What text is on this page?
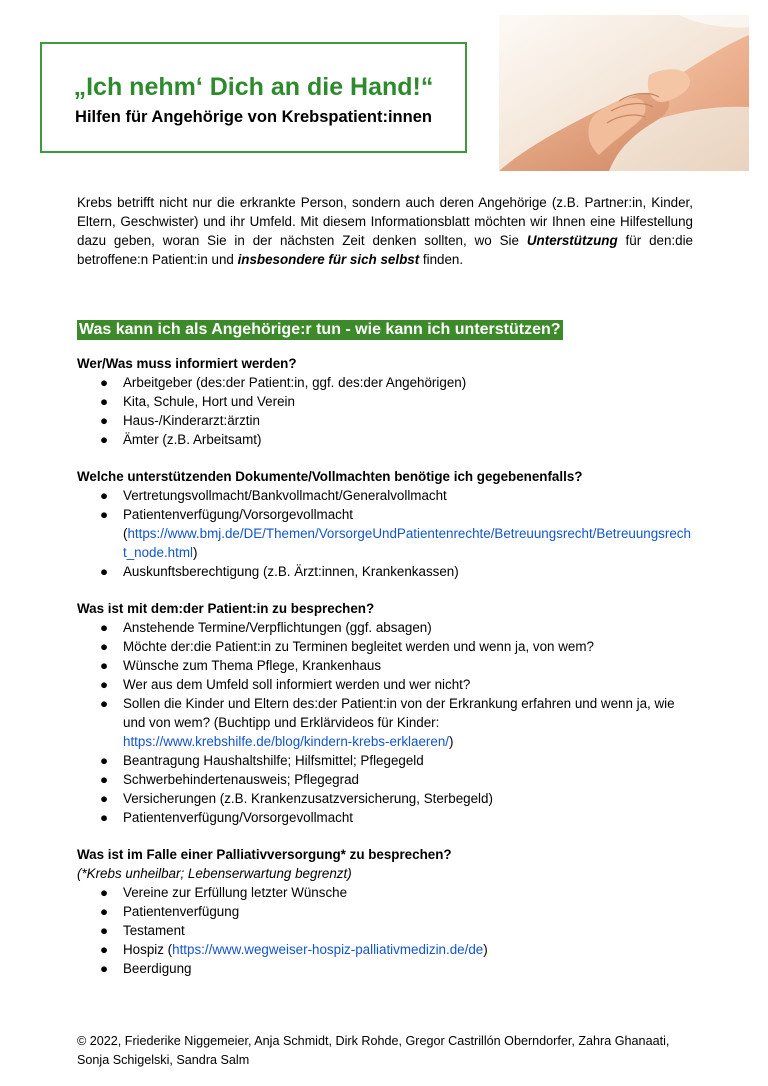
„Ich nehm‘ Dich an die Hand!“
Hilfen für Angehörige von Krebspatient:innen

Krebs betrifft nicht nur die erkrankte Person, sondern auch deren Angehörige (z.B. Partner:in, Kinder, Eltern, Geschwister) und ihr Umfeld. Mit diesem Informationsblatt möchten wir Ihnen eine Hilfestellung dazu geben, woran Sie in der nächsten Zeit denken sollten, wo Sie Unterstützung für den:die betroffene:n Patient:in und insbesondere für sich selbst finden.

Was kann ich als Angehörige:r tun - wie kann ich unterstützen?

Wer/Was muss informiert werden?

● Arbeitgeber (des:der Patient:in, ggf. des:der Angehörigen)
● Kita, Schule, Hort und Verein
● Haus-/Kinderarzt:ärztin
● Ämter (z.B. Arbeitsamt)

Welche unterstützenden Dokumente/Vollmachten benötige ich gegebenenfalls?

● Vertretungsvollmacht/Bankvollmacht/Generalvollmacht
● Patientenverfügung/Vorsorgevollmacht
(https://www.bmj.de/DE/Themen/VorsorgeUndPatientenrechte/Betreuungsrecht/Betreuungsrecht_node.html)
● Auskunftsberechtigung (z.B. Ärzt:innen, Krankenkassen)

Was ist mit dem:der Patient:in zu besprechen?

● Anstehende Termine/Verpflichtungen (ggf. absagen)
● Möchte der:die Patient:in zu Terminen begleitet werden und wenn ja, von wem?
● Wünsche zum Thema Pflege, Krankenhaus
● Wer aus dem Umfeld soll informiert werden und wer nicht?
● Sollen die Kinder und Eltern des:der Patient:in von der Erkrankung erfahren und wenn ja, wie und von wem? (Buchtipp und Erklärvideos für Kinder:
https://www.krebshilfe.de/blog/kindern-krebs-erklaeren/)
● Beantragung Haushaltshilfe; Hilfsmittel; Pflegegeld
● Schwerbehindertenausweis; Pflegegrad
● Versicherungen (z.B. Krankenzusatzversicherung, Sterbegeld)
● Patientenverfügung/Vorsorgevollmacht

Was ist im Falle einer Palliativversorgung* zu besprechen?

(*Krebs unheilbar; Lebenserwartung begrenzt)

● Vereine zur Erfüllung letzter Wünsche
● Patientenverfügung
● Testament
● Hospiz (https://www.wegweiser-hospiz-palliativmedizin.de/de)
● Beerdigung
© 2022, Friederike Niggemeier, Anja Schmidt, Dirk Rohde, Gregor Castrillón Oberndorfer, Zahra Ghanaati, Sonja Schigelski, Sandra Salm
